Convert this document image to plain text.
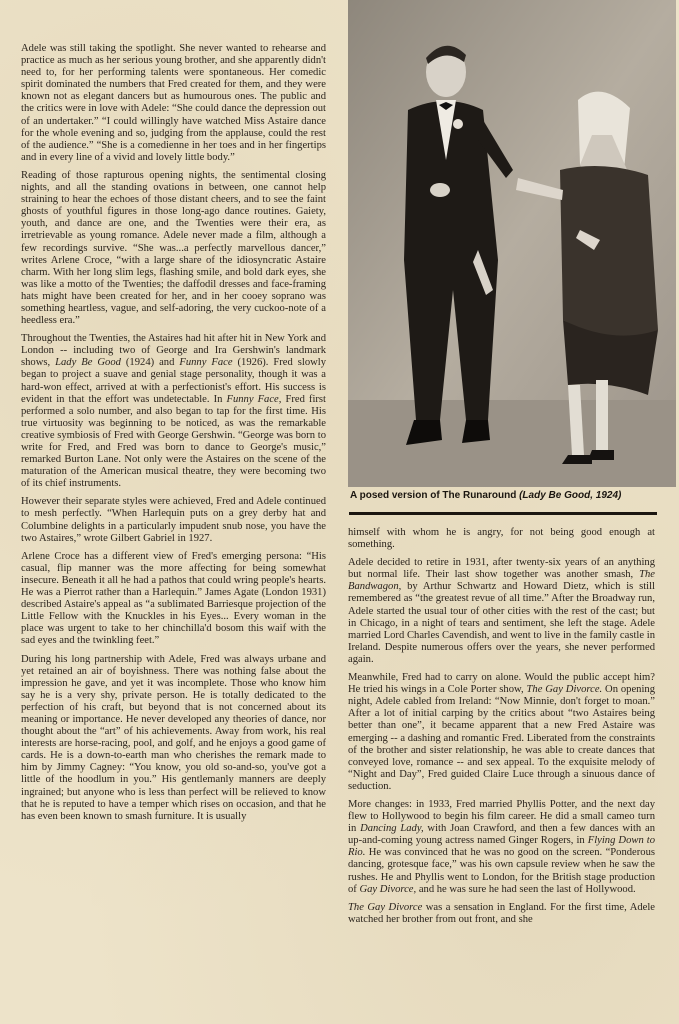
Adele was still taking the spotlight. She never wanted to rehearse and practice as much as her serious young brother, and she apparently didn't need to, for her performing talents were spontaneous. Her comedic spirit dominated the numbers that Fred created for them, and they were known not as elegant dancers but as humourous ones. The public and the critics were in love with Adele: “She could dance the depression out of an undertaker.” “I could willingly have watched Miss Astaire dance for the whole evening and so, judging from the applause, could the rest of the audience.” “She is a comedienne in her toes and in her fingertips and in every line of a vivid and lovely little body.”

Reading of those rapturous opening nights, the sentimental closing nights, and all the standing ovations in between, one cannot help straining to hear the echoes of those distant cheers, and to see the faint ghosts of youthful figures in those long-ago dance routines. Gaiety, youth, and dance are one, and the Twenties were their era, as irretrievable as young romance. Adele never made a film, although a few recordings survive. “She was...a perfectly marvellous dancer,” writes Arlene Croce, “with a large share of the idiosyncratic Astaire charm. With her long slim legs, flashing smile, and bold dark eyes, she was like a motto of the Twenties; the daffodil dresses and face-framing hats might have been created for her, and in her cooey soprano was something heartless, vague, and self-adoring, the very cuckoo-note of a heedless era.”

Throughout the Twenties, the Astaires had hit after hit in New York and London -- including two of George and Ira Gershwin's landmark shows, Lady Be Good (1924) and Funny Face (1926). Fred slowly began to project a suave and genial stage personality, though it was a hard-won effect, arrived at with a perfectionist's effort. His success is evident in that the effort was undetectable. In Funny Face, Fred first performed a solo number, and also began to tap for the first time. His true virtuosity was beginning to be noticed, as was the remarkable creative symbiosis of Fred with George Gershwin. “George was born to write for Fred, and Fred was born to dance to George's music,” remarked Burton Lane. Not only were the Astaires on the scene of the maturation of the American musical theatre, they were becoming two of its chief instruments.

However their separate styles were achieved, Fred and Adele continued to mesh perfectly. “When Harlequin puts on a grey derby hat and Columbine delights in a particularly impudent snub nose, you have the two Astaires,” wrote Gilbert Gabriel in 1927.

Arlene Croce has a different view of Fred's emerging persona: “His casual, flip manner was the more affecting for being somewhat insecure. Beneath it all he had a pathos that could wring people's hearts. He was a Pierrot rather than a Harlequin.” James Agate (London 1931) described Astaire's appeal as “a sublimated Barriesque projection of the Little Fellow with the Knuckles in his Eyes... Every woman in the place was urgent to take to her chinchilla'd bosom this waif with the sad eyes and the twinkling feet.”

During his long partnership with Adele, Fred was always urbane and yet retained an air of boyishness. There was nothing false about the impression he gave, and yet it was incomplete. Those who know him say he is a very shy, private person. He is totally dedicated to the perfection of his craft, but beyond that is not concerned about its meaning or importance. He never developed any theories of dance, nor thought about the “art” of his achievements. Away from work, his real interests are horse-racing, pool, and golf, and he enjoys a good game of cards. He is a down-to-earth man who cherishes the remark made to him by Jimmy Cagney: “You know, you old so-and-so, you've got a little of the hoodlum in you.” His gentlemanly manners are deeply ingrained; but anyone who is less than perfect will be relieved to know that he is reputed to have a temper which rises on occasion, and that he has even been known to smash furniture. It is usually

A posed version of The Runaround (Lady Be Good, 1924)

himself with whom he is angry, for not being good enough at something.

Adele decided to retire in 1931, after twenty-six years of an anything but normal life. Their last show together was another smash, The Bandwagon, by Arthur Schwartz and Howard Dietz, which is still remembered as “the greatest revue of all time.” After the Broadway run, Adele started the usual tour of other cities with the rest of the cast; but in Chicago, in a night of tears and sentiment, she left the stage. Adele married Lord Charles Cavendish, and went to live in the family castle in Ireland. Despite numerous offers over the years, she never performed again.

Meanwhile, Fred had to carry on alone. Would the public accept him? He tried his wings in a Cole Porter show, The Gay Divorce. On opening night, Adele cabled from Ireland: “Now Minnie, don't forget to moan.” After a lot of initial carping by the critics about “two Astaires being better than one”, it became apparent that a new Fred Astaire was emerging -- a dashing and romantic Fred. Liberated from the constraints of the brother and sister relationship, he was able to create dances that conveyed love, romance -- and sex appeal. To the exquisite melody of “Night and Day”, Fred guided Claire Luce through a sinuous dance of seduction.

More changes: in 1933, Fred married Phyllis Potter, and the next day flew to Hollywood to begin his film career. He did a small cameo turn in Dancing Lady, with Joan Crawford, and then a few dances with an up-and-coming young actress named Ginger Rogers, in Flying Down to Rio. He was convinced that he was no good on the screen. “Ponderous dancing, grotesque face,” was his own capsule review when he saw the rushes. He and Phyllis went to London, for the British stage production of Gay Divorce, and he was sure he had seen the last of Hollywood.

The Gay Divorce was a sensation in England. For the first time, Adele watched her brother from out front, and she
